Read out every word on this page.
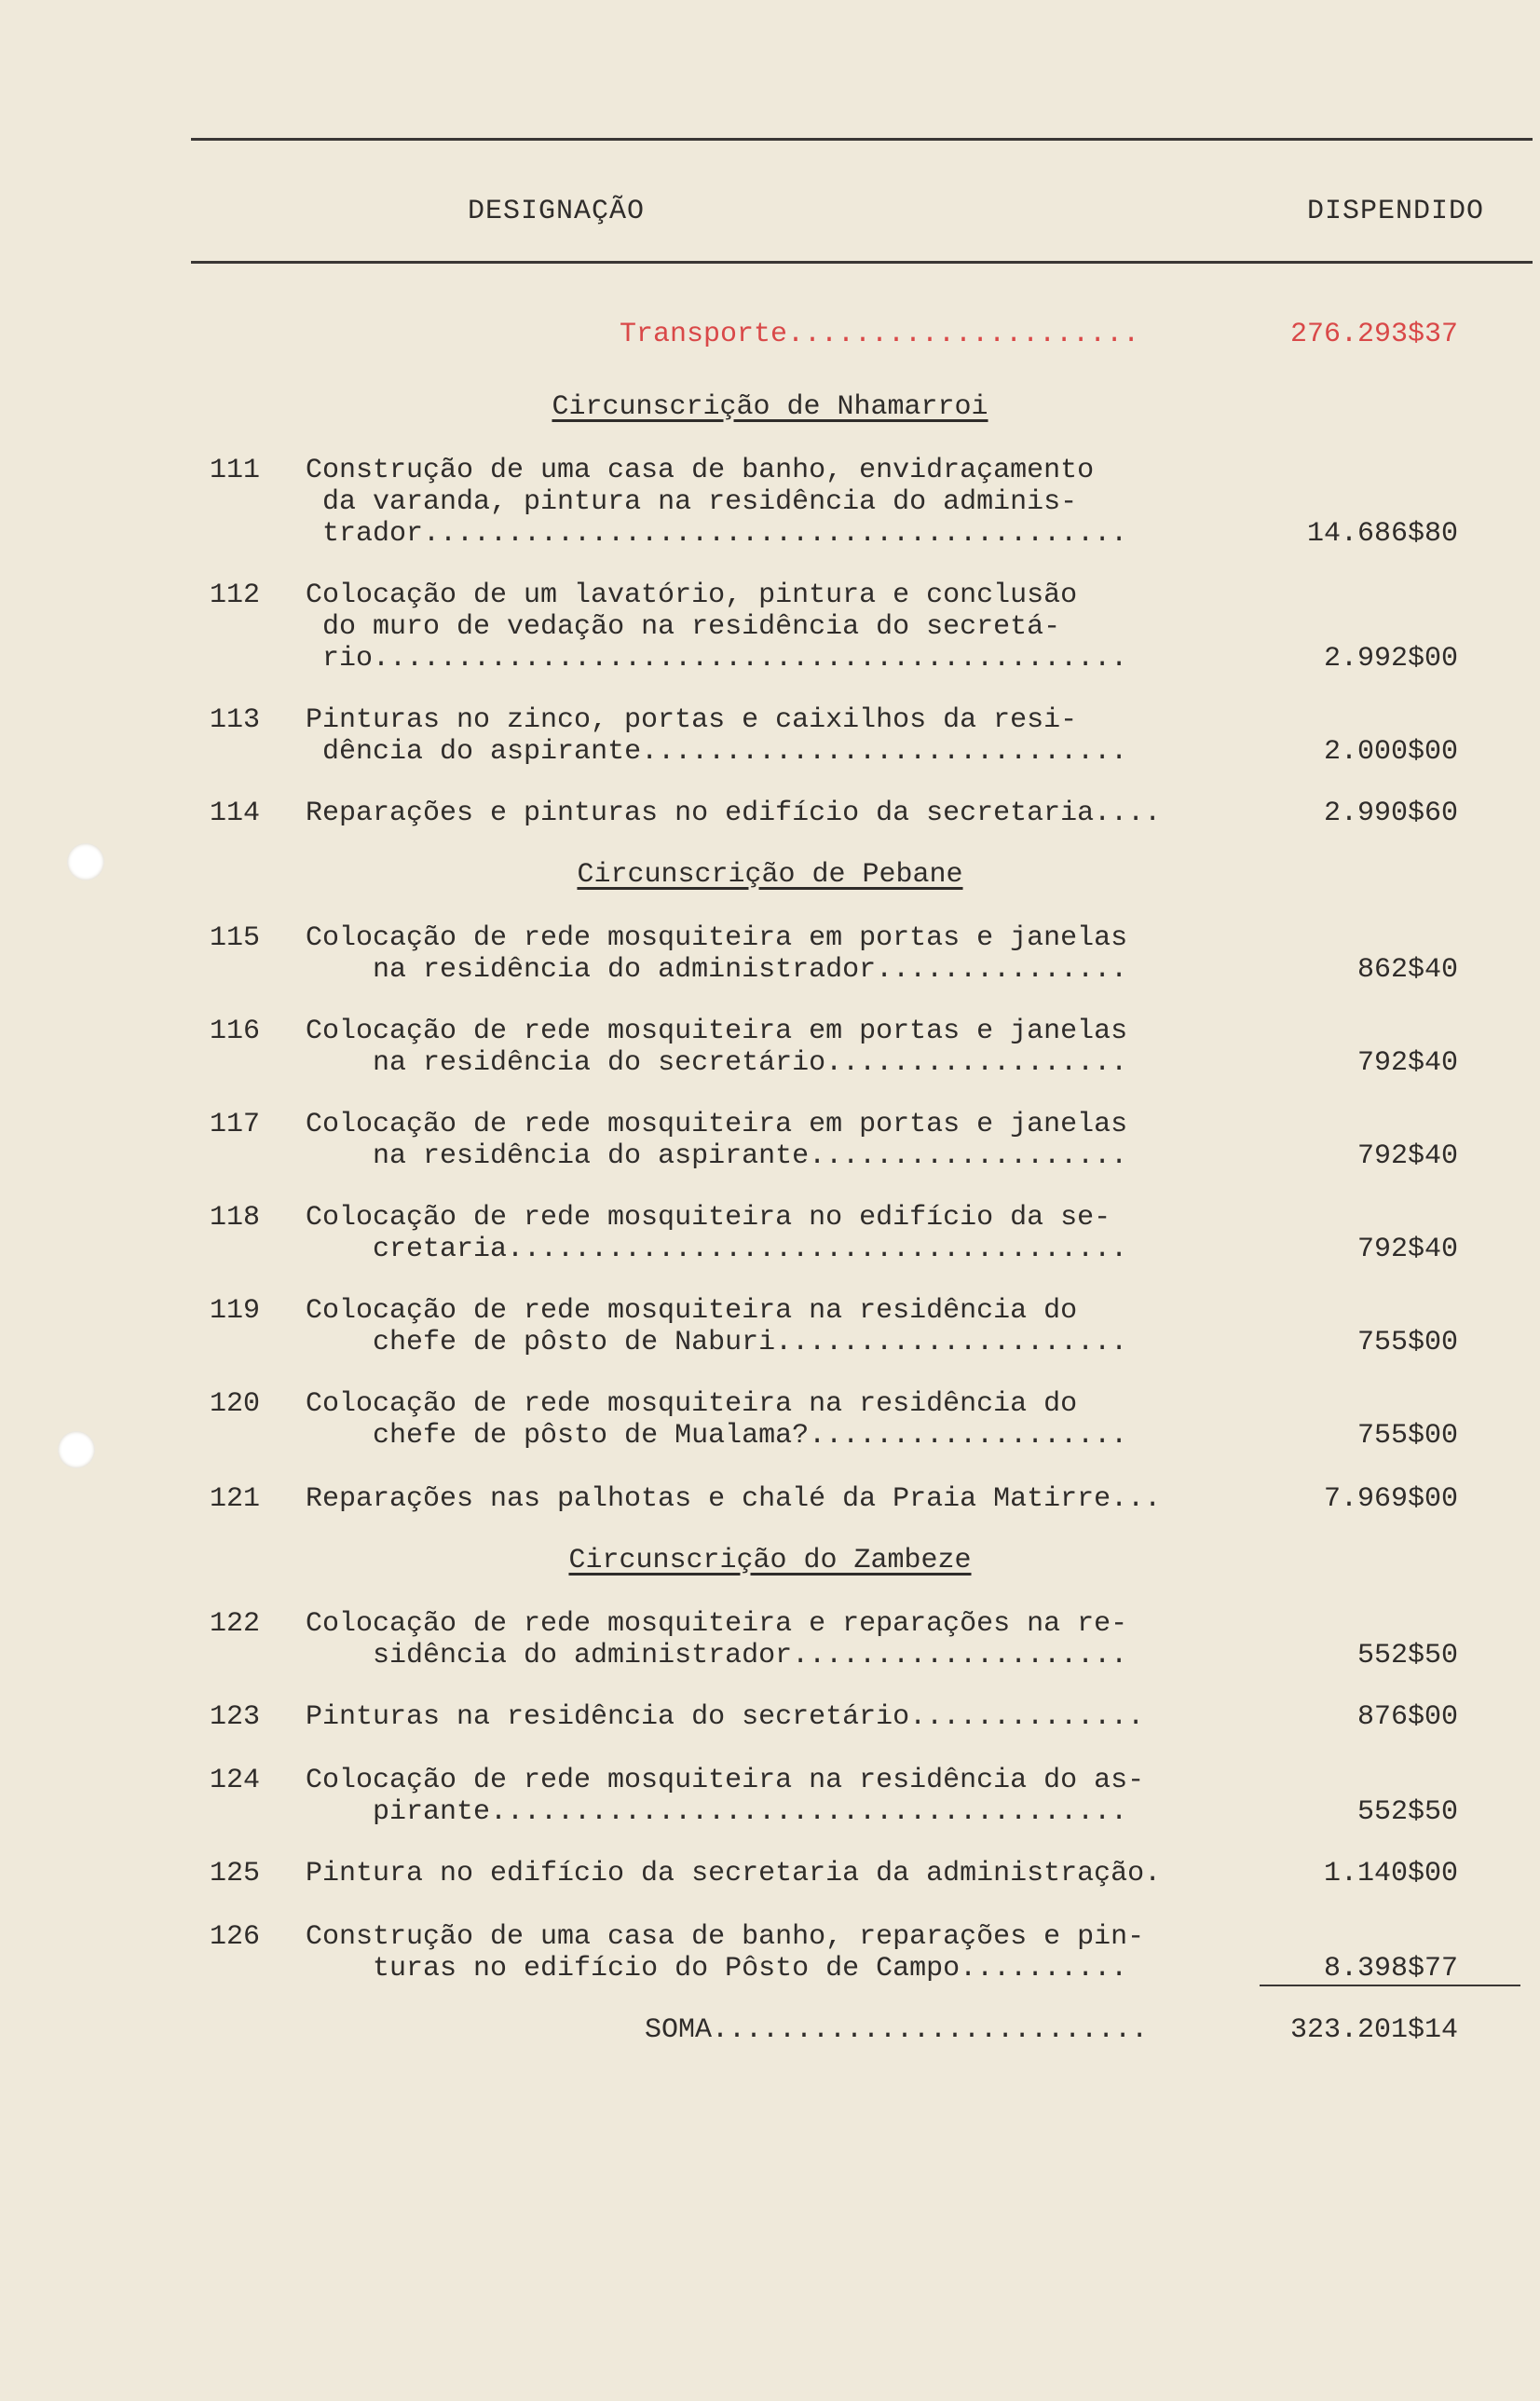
DESIGNAÇÃO	DISPENDIDO
Transporte.....................	276.293$37
Circunscrição de Nhamarroi
111	Construção de uma casa de banho, envidraçamento
da varanda, pintura na residência do adminis-
trador..........................................	14.686$80
112	Colocação de um lavatório, pintura e conclusão
do muro de vedação na residência do secretá-
rio.............................................	2.992$00
113	Pinturas no zinco, portas e caixilhos da resi-
dência do aspirante.............................	2.000$00
114	Reparações e pinturas no edifício da secretaria....	2.990$60
Circunscrição de Pebane
115	Colocação de rede mosquiteira em portas e janelas
na residência do administrador...............	862$40
116	Colocação de rede mosquiteira em portas e janelas
na residência do secretário..................	792$40
117	Colocação de rede mosquiteira em portas e janelas
na residência do aspirante...................	792$40
118	Colocação de rede mosquiteira no edifício da se-
cretaria.....................................	792$40
119	Colocação de rede mosquiteira na residência do
chefe de pôsto de Naburi.....................	755$00
120	Colocação de rede mosquiteira na residência do
chefe de pôsto de Mualama?...................	755$00
121	Reparações nas palhotas e chalé da Praia Matirre...	7.969$00
Circunscrição do Zambeze
122	Colocação de rede mosquiteira e reparações na re-
sidência do administrador....................	552$50
123	Pinturas na residência do secretário..............	876$00
124	Colocação de rede mosquiteira na residência do as-
pirante......................................	552$50
125	Pintura no edifício da secretaria da administração.	1.140$00
126	Construção de uma casa de banho, reparações e pin-
turas no edifício do Pôsto de Campo..........	8.398$77
SOMA..........................	323.201$14
